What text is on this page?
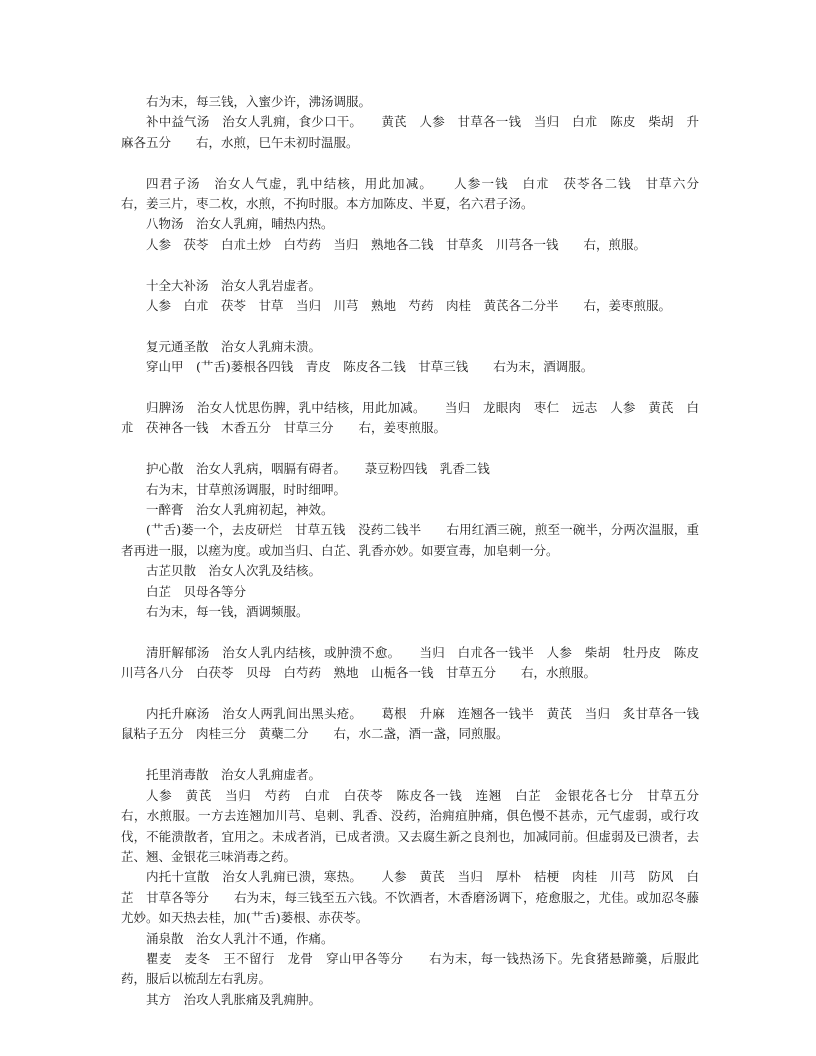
右为末，每三钱，入蜜少许，沸汤调服。

补中益气汤　治女人乳痈，食少口干。　　黄芪　人参　甘草各一钱　当归　白朮　陈皮　柴胡　升麻各五分　　右，水煎，巳午未初时温服。

四君子汤　治女人气虚，乳中结核，用此加减。　　人参一钱　白朮　茯苓各二钱　甘草六分　　右，姜三片，枣二枚，水煎，不拘时服。本方加陈皮、半夏，名六君子汤。

八物汤　治女人乳痈，晡热内热。

人参　茯苓　白朮土炒　白芍药　当归　熟地各二钱　甘草炙　川芎各一钱　　右，煎服。

十全大补汤　治女人乳岩虚者。

人参　白朮　茯苓　甘草　当归　川芎　熟地　芍药　肉桂　黄芪各二分半　　右，姜枣煎服。

复元通圣散　治女人乳痈未溃。

穿山甲　(艹舌)蒌根各四钱　青皮　陈皮各二钱　甘草三钱　　右为末，酒调服。

归脾汤　治女人忧思伤脾，乳中结核，用此加减。　　当归　龙眼肉　枣仁　远志　人参　黄芪　白朮　茯神各一钱　木香五分　甘草三分　　右，姜枣煎服。

护心散　治女人乳病，咽膈有碍者。　　菉豆粉四钱　乳香二钱

右为末，甘草煎汤调服，时时细呷。

一醉膏　治女人乳痈初起，神效。

(艹舌)蒌一个，去皮研烂　甘草五钱　没药二钱半　　右用红酒三碗，煎至一碗半，分两次温服，重者再进一服，以瘥为度。或加当归、白芷、乳香亦妙。如要宣毒，加皂刺一分。

古芷贝散　治女人次乳及结核。

白芷　贝母各等分

右为末，每一钱，酒调频服。

清肝解郁汤　治女人乳内结核，或肿溃不愈。　　当归　白朮各一钱半　人参　柴胡　牡丹皮　陈皮　川芎各八分　白茯苓　贝母　白芍药　熟地　山栀各一钱　甘草五分　　右，水煎服。

内托升麻汤　治女人两乳间出黑头疮。　　葛根　升麻　连翘各一钱半　黄芪　当归　炙甘草各一钱　鼠粘子五分　肉桂三分　黄蘗二分　　右，水二盏，酒一盏，同煎服。

托里消毒散　治女人乳痈虚者。

人参　黄芪　当归　芍药　白朮　白茯苓　陈皮各一钱　连翘　白芷　金银花各七分　甘草五分　　右，水煎服。一方去连翘加川芎、皂刺、乳香、没药，治痈疽肿痛，俱色慢不甚赤，元气虚弱，或行攻伐，不能溃散者，宜用之。未成者消，已成者溃。又去腐生新之良剂也，加减同前。但虚弱及已溃者，去芷、翘、金银花三味消毒之药。

内托十宣散　治女人乳痈已溃，寒热。　　人参　黄芪　当归　厚朴　桔梗　肉桂　川芎　防风　白芷　甘草各等分　　右为末，每三钱至五六钱。不饮酒者，木香磨汤调下，疮愈服之，尤佳。或加忍冬藤尤妙。如天热去桂，加(艹舌)蒌根、赤茯苓。

涌泉散　治女人乳汁不通，作痛。

瞿麦　麦冬　王不留行　龙骨　穿山甲各等分　　右为末，每一钱热汤下。先食猪悬蹄羹，后服此药，服后以梳刮左右乳房。

其方　治攻人乳胀痛及乳痈肿。
